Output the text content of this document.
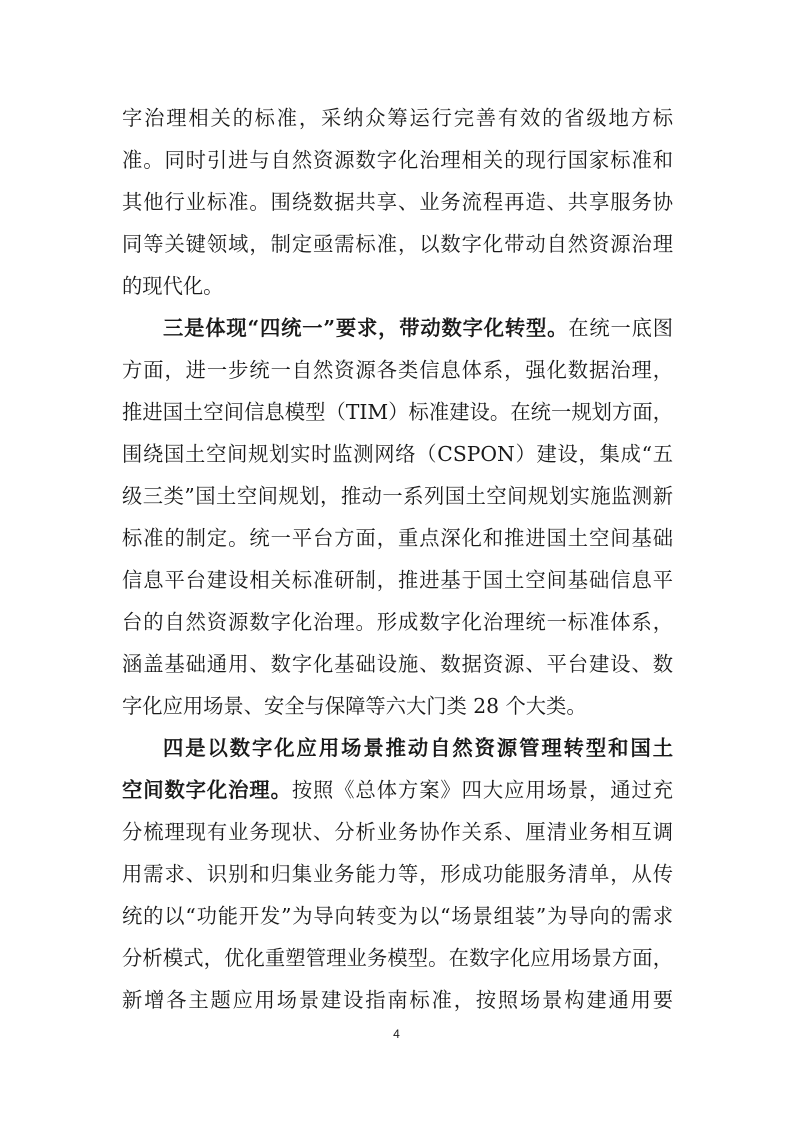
字治理相关的标准，采纳众筹运行完善有效的省级地方标
准。同时引进与自然资源数字化治理相关的现行国家标准和
其他行业标准。围绕数据共享、业务流程再造、共享服务协
同等关键领域，制定亟需标准，以数字化带动自然资源治理
的现代化。
三是体现“四统一”要求，带动数字化转型。在统一底图
方面，进一步统一自然资源各类信息体系，强化数据治理，
推进国土空间信息模型（TIM）标准建设。在统一规划方面，
围绕国土空间规划实时监测网络（CSPON）建设，集成“五
级三类”国土空间规划，推动一系列国土空间规划实施监测新
标准的制定。统一平台方面，重点深化和推进国土空间基础
信息平台建设相关标准研制，推进基于国土空间基础信息平
台的自然资源数字化治理。形成数字化治理统一标准体系，
涵盖基础通用、数字化基础设施、数据资源、平台建设、数
字化应用场景、安全与保障等六大门类 28 个大类。
四是以数字化应用场景推动自然资源管理转型和国土
空间数字化治理。按照《总体方案》四大应用场景，通过充
分梳理现有业务现状、分析业务协作关系、厘清业务相互调
用需求、识别和归集业务能力等，形成功能服务清单，从传
统的以“功能开发”为导向转变为以“场景组装”为导向的需求
分析模式，优化重塑管理业务模型。在数字化应用场景方面，
新增各主题应用场景建设指南标准，按照场景构建通用要
4
